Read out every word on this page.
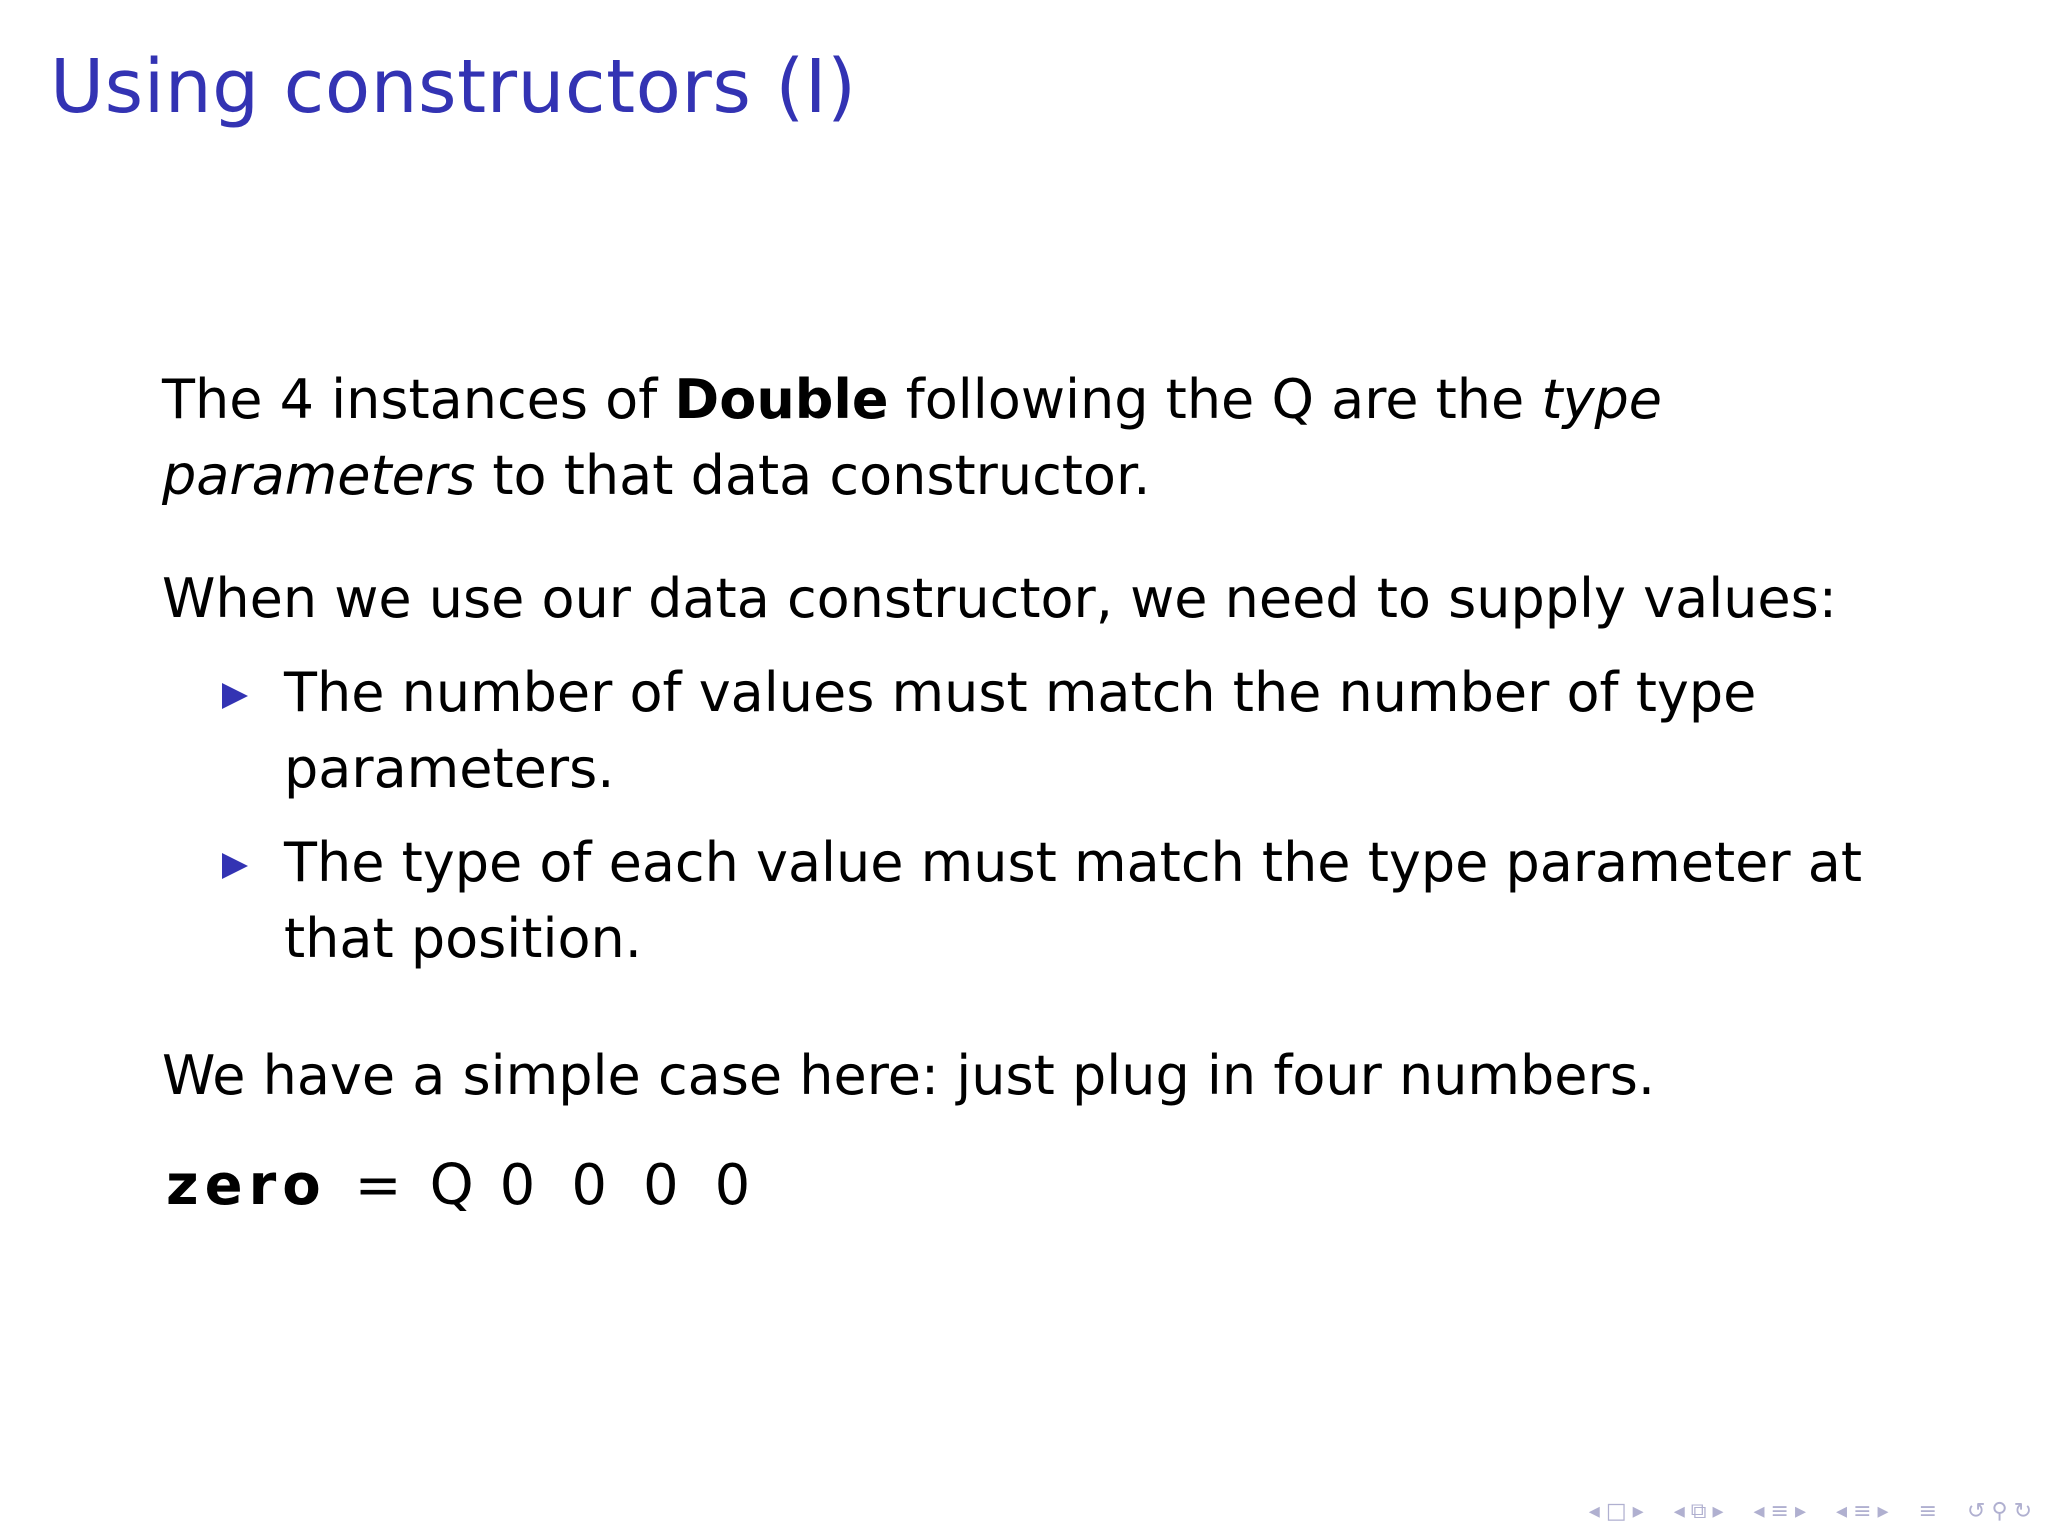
Using constructors (I)
The 4 instances of Double following the Q are the type
parameters to that data constructor.
When we use our data constructor, we need to supply values:
The number of values must match the number of type parameters.
The type of each value must match the type parameter at that position.
We have a simple case here: just plug in four numbers.
zero = Q 0 0 0 0
◂ □ ▸ ◂ ⧉ ▸ ◂ ≡ ▸ ◂ ≡ ▸ ≡ ↺ ⚲ ↻
